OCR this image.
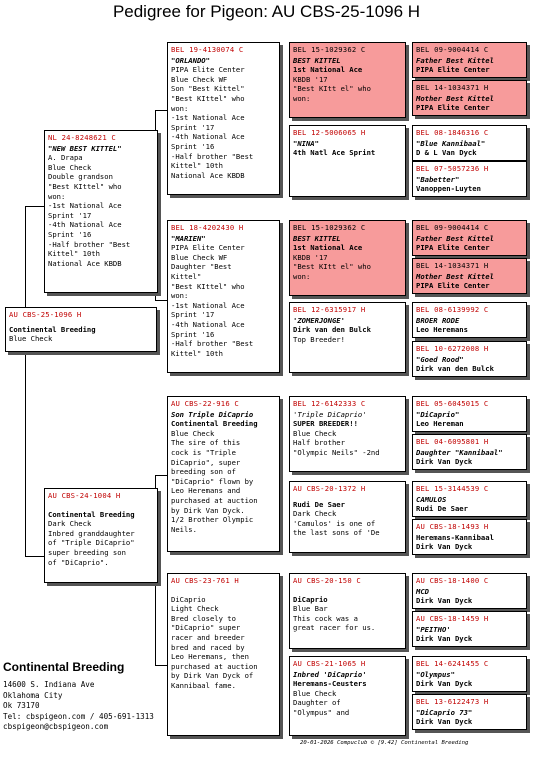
Pedigree for Pigeon: AU CBS-25-1096 H
AU CBS-25-1096 H
Continental Breeding
Blue Check
NL 24-8248621 C
"NEW BEST KITTEL"
A. Drapa
Blue Check
Double grandson
"Best KIttel" who
won:
-1st National Ace
Sprint '17
-4th National Ace
Sprint '16
-Half brother "Best
Kittel" 10th
National Ace KBDB
AU CBS-24-1004 H
Continental Breeding
Dark Check
Inbred granddaughter
of "Triple DiCaprio"
super breeding son
of "DiCaprio".
BEL 19-4130074 C
"ORLANDO"
PIPA Elite Center
Blue Check WF
Son "Best Kittel"
"Best KIttel" who
won:
-1st National Ace
Sprint '17
-4th National Ace
Sprint '16
-Half brother "Best
Kittel" 10th
National Ace KBDB
BEL 18-4202430 H
"MARIEN"
PIPA Elite Center
Blue Check WF
Daughter "Best
Kittel"
"Best KIttel" who
won:
-1st National Ace
Sprint '17
-4th National Ace
Sprint '16
-Half brother "Best
Kittel" 10th
AU CBS-22-916 C
Son Triple DiCaprio
Continental Breeding
Blue Check
The sire of this
cock is "Triple
DiCaprio", super
breeding son of
"DiCaprio" flown by
Leo Heremans and
purchased at auction
by Dirk Van Dyck.
1/2 Brother Olympic
Neils.
AU CBS-23-761 H
DiCaprio
Light Check
Bred closely to
"DiCaprio" super
racer and breeder
bred and raced by
Leo Heremans, then
purchased at auction
by Dirk Van Dyck of
Kannibaal fame.
BEL 15-1029362 C
BEST KITTEL
1st National Ace
KBDB '17
"Best KItt el" who
won:
BEL 12-5006065 H
"NINA"
4th Natl Ace Sprint
BEL 15-1029362 C
BEST KITTEL
1st National Ace
KBDB '17
"Best KItt el" who
won:
BEL 12-6315917 H
'ZOMERJONGE'
Dirk van den Bulck
Top Breeder!
BEL 12-6142333 C
'Triple DiCaprio'
SUPER BREEDER!!
Blue Check
Half brother
"Olympic Neils" -2nd
AU CBS-20-1372 H
Rudi De Saer
Dark Check
'Camulos' is one of
the last sons of 'De
AU CBS-20-150 C
DiCaprio
Blue Bar
This cock was a
great racer for us.
AU CBS-21-1065 H
Inbred 'DiCaprio'
Heremans-Ceusters
Blue Check
Daughter of
"Olympus" and
BEL 09-9004414 C
Father Best Kittel
PIPA Elite Center
BEL 14-1034371 H
Mother Best Kittel
PIPA Elite Center
BEL 08-1846316 C
"Blue Kannibaal"
D & L Van Dyck
BEL 07-5057236 H
"Babetter"
Vanoppen-Luyten
BEL 09-9004414 C
Father Best Kittel
PIPA Elite Center
BEL 14-1034371 H
Mother Best Kittel
PIPA Elite Center
BEL 08-6139992 C
BROER RODE
Leo Heremans
BEL 10-6272008 H
"Goed Rood"
Dirk van den Bulck
BEL 05-6045015 C
"DiCaprio"
Leo Hereman
BEL 04-6095801 H
Daughter "Kannibaal"
Dirk Van Dyck
BEL 15-3144539 C
CAMULOS
Rudi De Saer
AU CBS-18-1493 H
Heremans-Kannibaal
Dirk Van Dyck
AU CBS-18-1400 C
MCD
Dirk Van Dyck
AU CBS-18-1459 H
"PEITHO'
Dirk Van Dyck
BEL 14-6241455 C
"Olympus"
Dirk Van Dyck
BEL 13-6122473 H
"DiCaprio 73"
Dirk Van Dyck
Continental Breeding
14600 S. Indiana Ave
Oklahoma City
Ok 73170
Tel: cbspigeon.com / 405-691-1313
cbspigeon@cbspigeon.com
20-01-2026 Compuclub © [9.42] Continental Breeding
